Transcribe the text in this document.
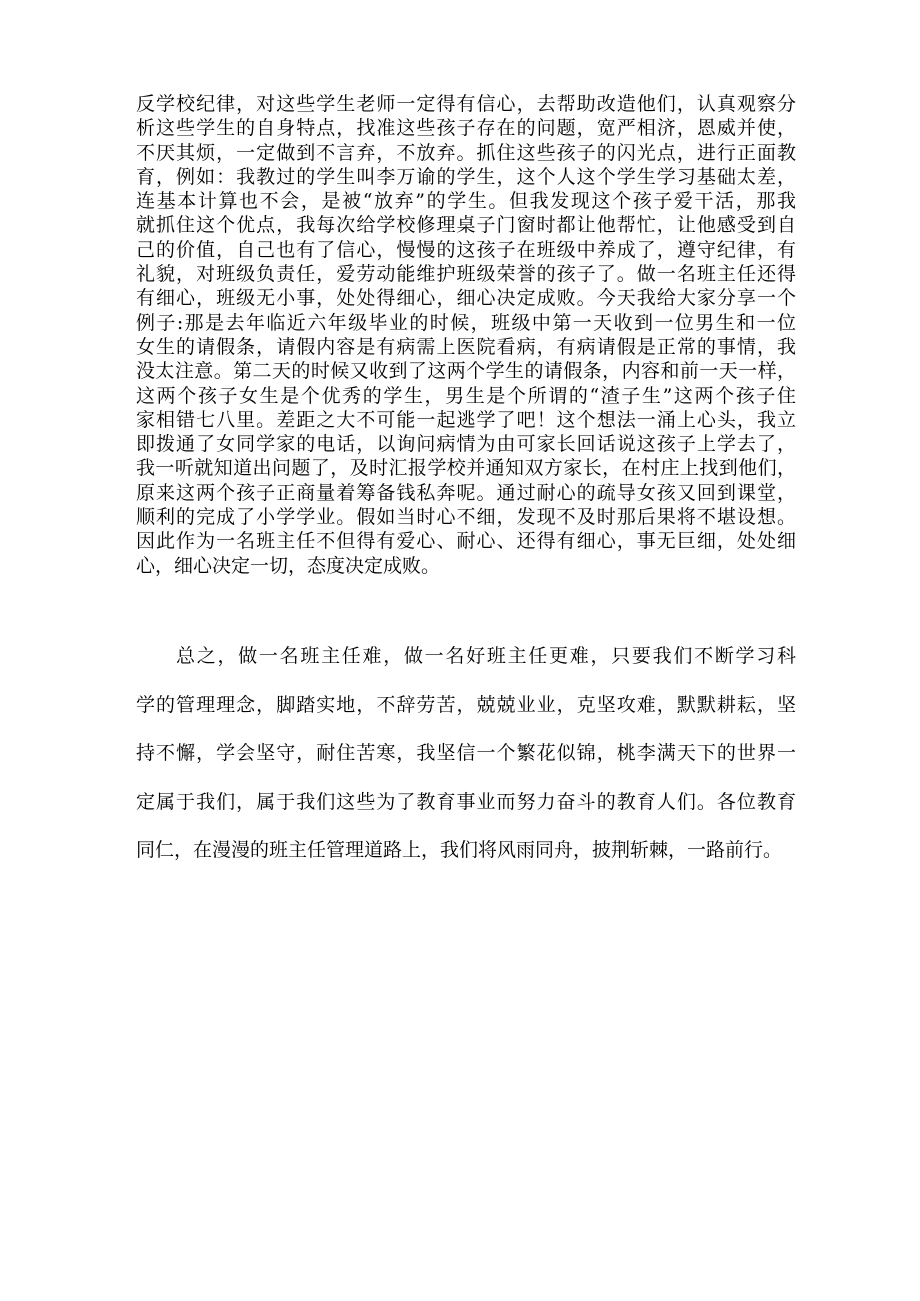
反学校纪律，对这些学生老师一定得有信心，去帮助改造他们，认真观察分
析这些学生的自身特点，找准这些孩子存在的问题，宽严相济，恩威并使，
不厌其烦，一定做到不言弃，不放弃。抓住这些孩子的闪光点，进行正面教
育，例如：我教过的学生叫李万谕的学生，这个人这个学生学习基础太差，
连基本计算也不会，是被“放弃”的学生。但我发现这个孩子爱干活，那我
就抓住这个优点，我每次给学校修理桌子门窗时都让他帮忙，让他感受到自
己的价值，自己也有了信心，慢慢的这孩子在班级中养成了，遵守纪律，有
礼貌，对班级负责任，爱劳动能维护班级荣誉的孩子了。做一名班主任还得
有细心，班级无小事，处处得细心，细心决定成败。今天我给大家分享一个
例子:那是去年临近六年级毕业的时候，班级中第一天收到一位男生和一位
女生的请假条，请假内容是有病需上医院看病，有病请假是正常的事情，我
没太注意。第二天的时候又收到了这两个学生的请假条，内容和前一天一样，
这两个孩子女生是个优秀的学生，男生是个所谓的“渣子生”这两个孩子住
家相错七八里。差距之大不可能一起逃学了吧！这个想法一涌上心头，我立
即拨通了女同学家的电话，以询问病情为由可家长回话说这孩子上学去了，
我一听就知道出问题了，及时汇报学校并通知双方家长，在村庄上找到他们，
原来这两个孩子正商量着筹备钱私奔呢。通过耐心的疏导女孩又回到课堂，
顺利的完成了小学学业。假如当时心不细，发现不及时那后果将不堪设想。
因此作为一名班主任不但得有爱心、耐心、还得有细心，事无巨细，处处细
心，细心决定一切，态度决定成败。
总之，做一名班主任难，做一名好班主任更难，只要我们不断学习科
学的管理理念，脚踏实地，不辞劳苦，兢兢业业，克坚攻难，默默耕耘，坚
持不懈，学会坚守，耐住苦寒，我坚信一个繁花似锦，桃李满天下的世界一
定属于我们，属于我们这些为了教育事业而努力奋斗的教育人们。各位教育
同仁，在漫漫的班主任管理道路上，我们将风雨同舟，披荆斩棘，一路前行。
